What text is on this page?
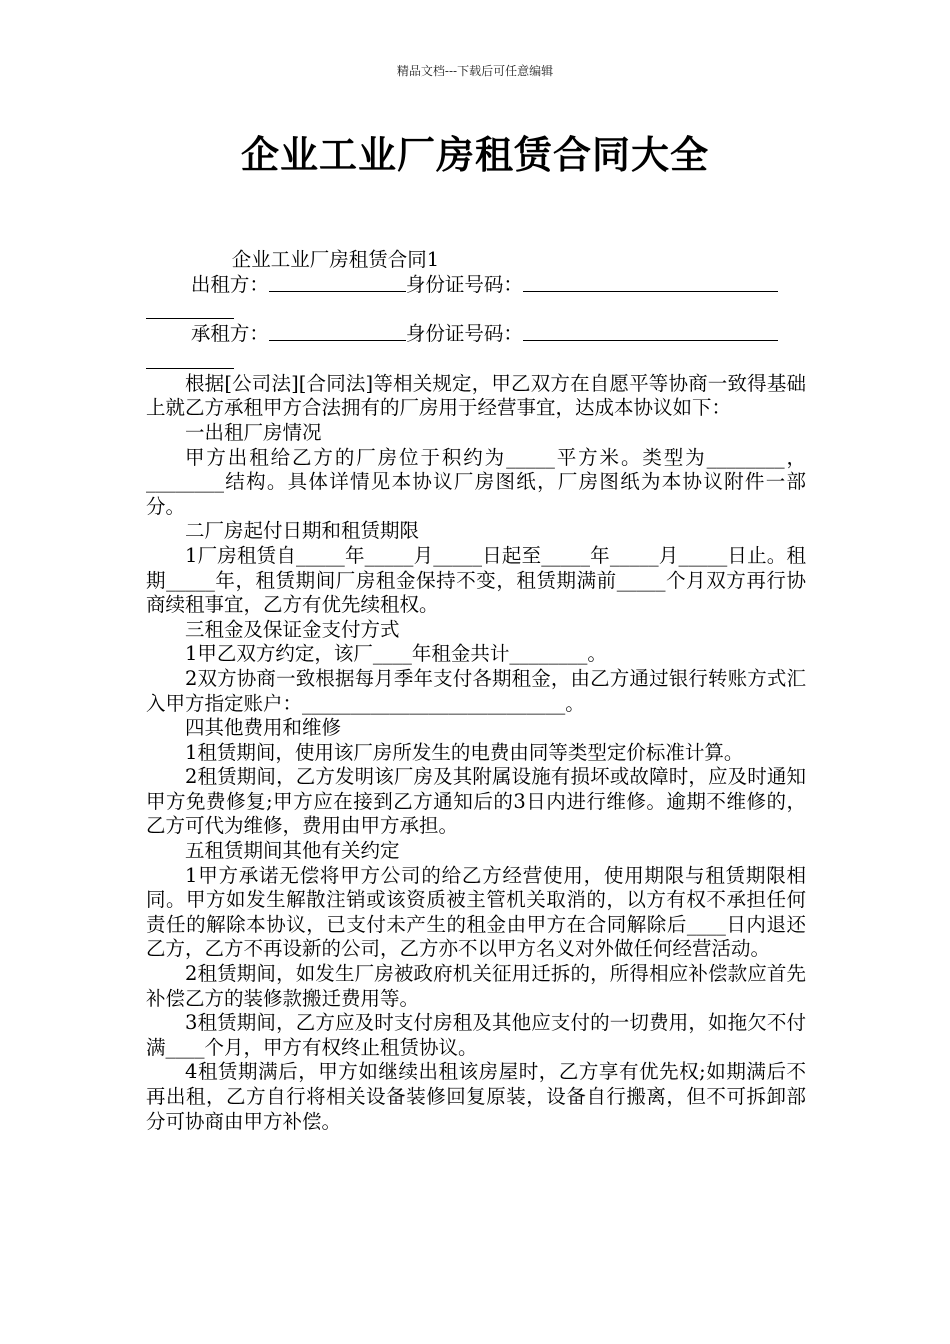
精品文档---下载后可任意编辑
企业工业厂房租赁合同大全

企业工业厂房租赁合同1

出租方：	身份证号码：
承租方：	身份证号码：

根据[公司法][合同法]等相关规定，甲乙双方在自愿平等协商一致得基础上就乙方承租甲方合法拥有的厂房用于经营事宜，达成本协议如下：

一出租厂房情况

甲方出租给乙方的厂房位于积约为_____平方米。类型为________，________结构。具体详情见本协议厂房图纸，厂房图纸为本协议附件一部分。

二厂房起付日期和租赁期限

1厂房租赁自_____年_____月_____日起至_____年_____月_____日止。租期_____年，租赁期间厂房租金保持不变，租赁期满前_____个月双方再行协商续租事宜，乙方有优先续租权。

三租金及保证金支付方式

1甲乙双方约定，该厂____年租金共计________。

2双方协商一致根据每月季年支付各期租金，由乙方通过银行转账方式汇入甲方指定账户：___________________________。

四其他费用和维修

1租赁期间，使用该厂房所发生的电费由同等类型定价标准计算。

2租赁期间，乙方发明该厂房及其附属设施有损坏或故障时，应及时通知甲方免费修复;甲方应在接到乙方通知后的3日内进行维修。逾期不维修的，乙方可代为维修，费用由甲方承担。

五租赁期间其他有关约定

1甲方承诺无偿将甲方公司的给乙方经营使用，使用期限与租赁期限相同。甲方如发生解散注销或该资质被主管机关取消的，以方有权不承担任何责任的解除本协议，已支付未产生的租金由甲方在合同解除后____日内退还乙方，乙方不再设新的公司，乙方亦不以甲方名义对外做任何经营活动。

2租赁期间，如发生厂房被政府机关征用迁拆的，所得相应补偿款应首先补偿乙方的装修款搬迁费用等。

3租赁期间，乙方应及时支付房租及其他应支付的一切费用，如拖欠不付满____个月，甲方有权终止租赁协议。

4租赁期满后，甲方如继续出租该房屋时，乙方享有优先权;如期满后不再出租，乙方自行将相关设备装修回复原装，设备自行搬离，但不可拆卸部分可协商由甲方补偿。
